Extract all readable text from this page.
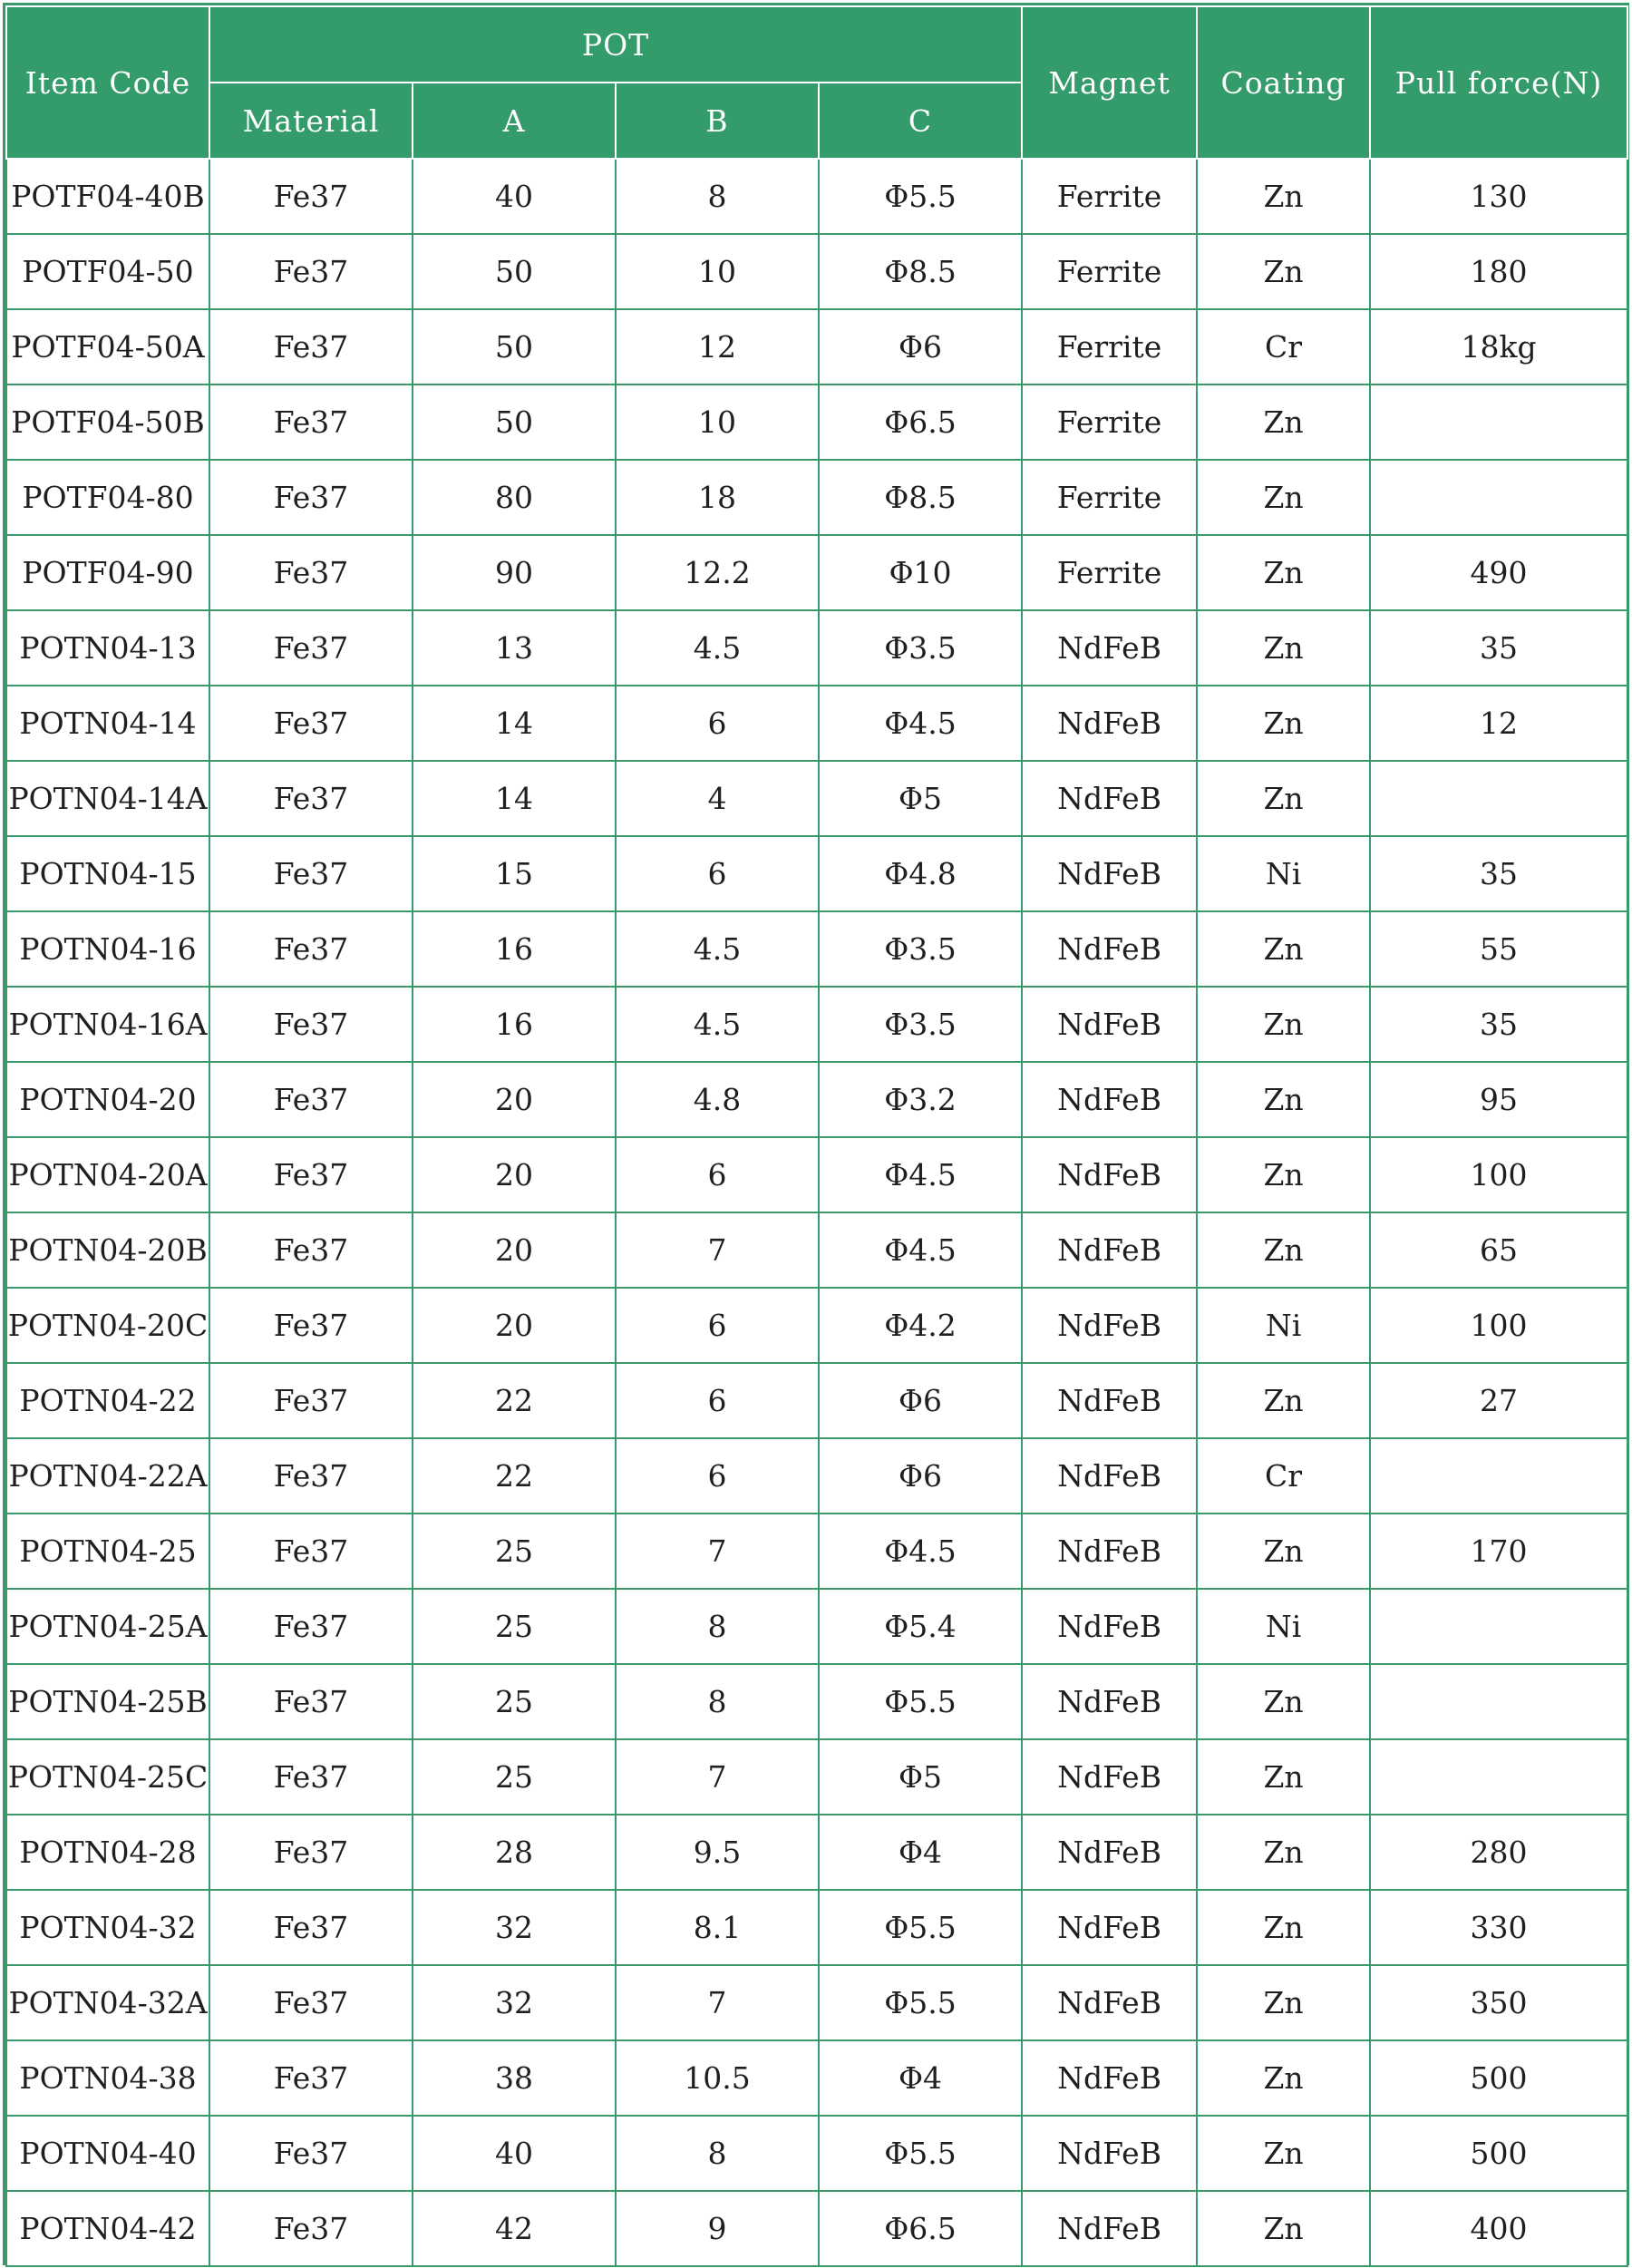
Item Code	POT				Magnet	Coating	Pull force(N)
	Material	A	B	C			
POTF04-40B	Fe37	40	8	Φ5.5	Ferrite	Zn	130
POTF04-50	Fe37	50	10	Φ8.5	Ferrite	Zn	180
POTF04-50A	Fe37	50	12	Φ6	Ferrite	Cr	18kg
POTF04-50B	Fe37	50	10	Φ6.5	Ferrite	Zn	
POTF04-80	Fe37	80	18	Φ8.5	Ferrite	Zn	
POTF04-90	Fe37	90	12.2	Φ10	Ferrite	Zn	490
POTN04-13	Fe37	13	4.5	Φ3.5	NdFeB	Zn	35
POTN04-14	Fe37	14	6	Φ4.5	NdFeB	Zn	12
POTN04-14A	Fe37	14	4	Φ5	NdFeB	Zn	
POTN04-15	Fe37	15	6	Φ4.8	NdFeB	Ni	35
POTN04-16	Fe37	16	4.5	Φ3.5	NdFeB	Zn	55
POTN04-16A	Fe37	16	4.5	Φ3.5	NdFeB	Zn	35
POTN04-20	Fe37	20	4.8	Φ3.2	NdFeB	Zn	95
POTN04-20A	Fe37	20	6	Φ4.5	NdFeB	Zn	100
POTN04-20B	Fe37	20	7	Φ4.5	NdFeB	Zn	65
POTN04-20C	Fe37	20	6	Φ4.2	NdFeB	Ni	100
POTN04-22	Fe37	22	6	Φ6	NdFeB	Zn	27
POTN04-22A	Fe37	22	6	Φ6	NdFeB	Cr	
POTN04-25	Fe37	25	7	Φ4.5	NdFeB	Zn	170
POTN04-25A	Fe37	25	8	Φ5.4	NdFeB	Ni	
POTN04-25B	Fe37	25	8	Φ5.5	NdFeB	Zn	
POTN04-25C	Fe37	25	7	Φ5	NdFeB	Zn	
POTN04-28	Fe37	28	9.5	Φ4	NdFeB	Zn	280
POTN04-32	Fe37	32	8.1	Φ5.5	NdFeB	Zn	330
POTN04-32A	Fe37	32	7	Φ5.5	NdFeB	Zn	350
POTN04-38	Fe37	38	10.5	Φ4	NdFeB	Zn	500
POTN04-40	Fe37	40	8	Φ5.5	NdFeB	Zn	500
POTN04-42	Fe37	42	9	Φ6.5	NdFeB	Zn	400
